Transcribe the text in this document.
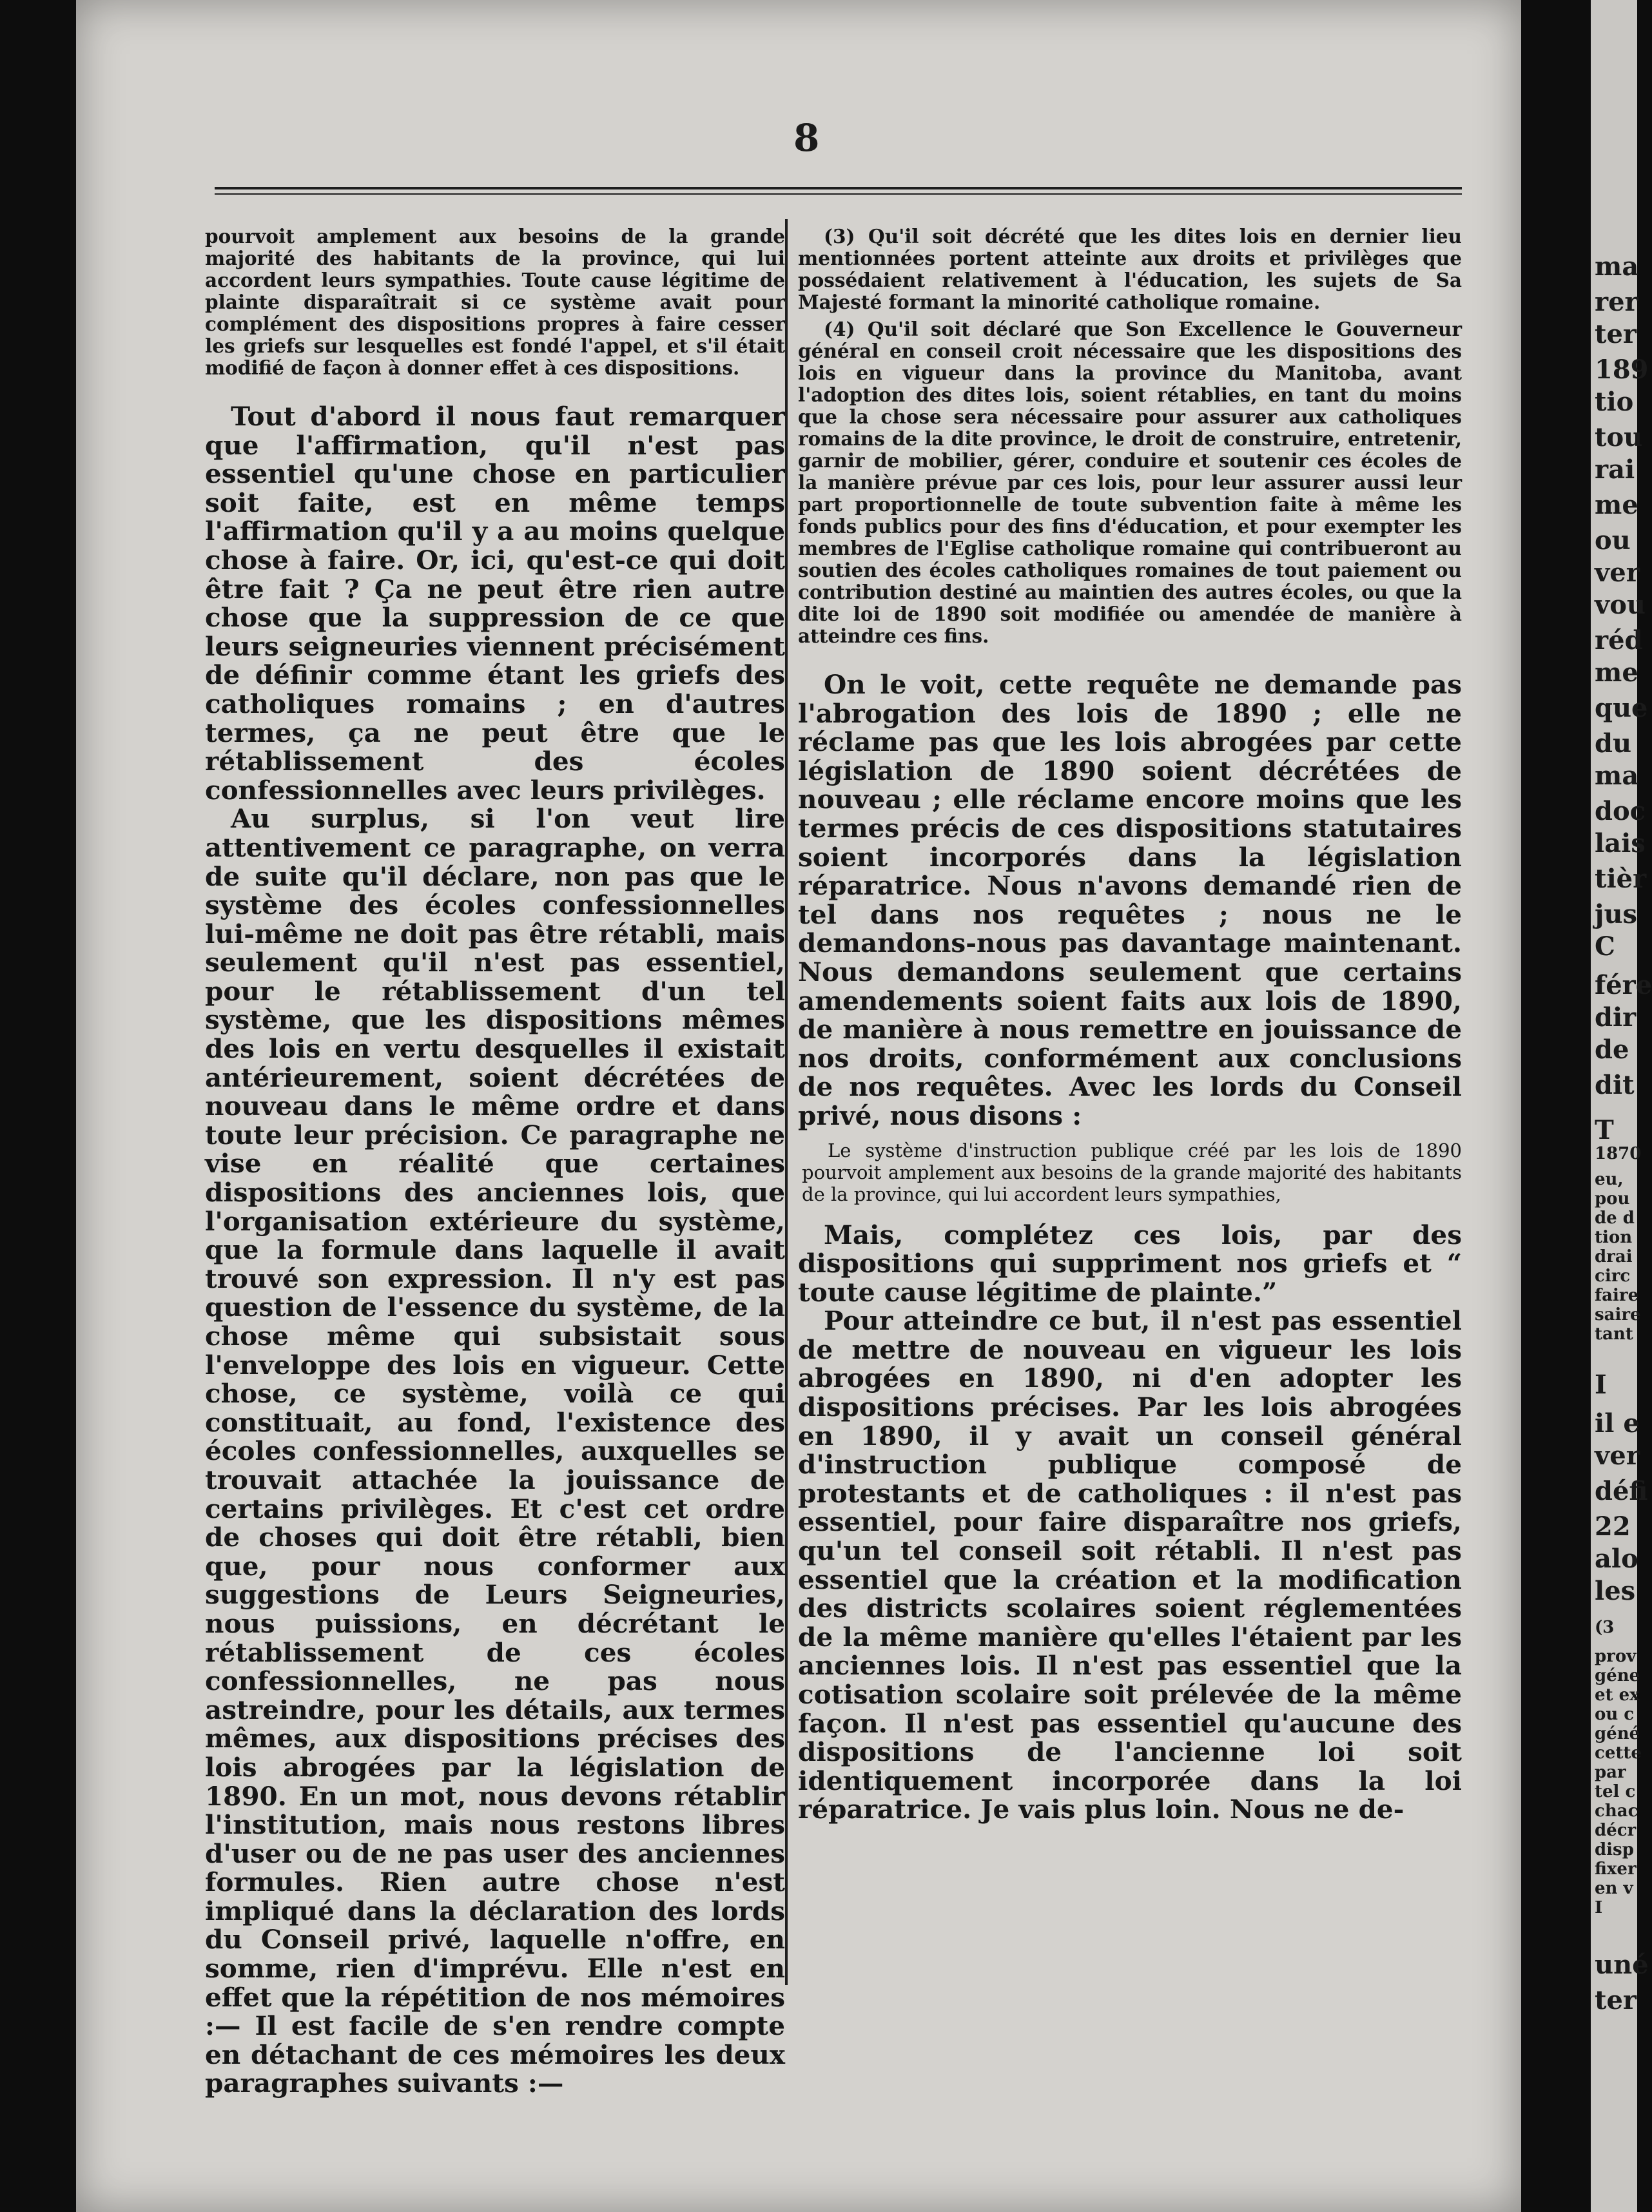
8

pourvoit amplement aux besoins de la grande majorité des habitants de la province, qui lui accordent leurs sympathies. Toute cause légitime de plainte disparaîtrait si ce système avait pour complément des dispositions propres à faire cesser les griefs sur lesquelles est fondé l'appel, et s'il était modifié de façon à donner effet à ces dispositions.

Tout d'abord il nous faut remarquer que l'affirmation, qu'il n'est pas essentiel qu'une chose en particulier soit faite, est en même temps l'affirmation qu'il y a au moins quelque chose à faire. Or, ici, qu'est-ce qui doit être fait ? Ça ne peut être rien autre chose que la suppression de ce que leurs seigneuries viennent précisément de définir comme étant les griefs des catholiques romains ; en d'autres termes, ça ne peut être que le rétablissement des écoles confessionnelles avec leurs privilèges.

Au surplus, si l'on veut lire attentivement ce paragraphe, on verra de suite qu'il déclare, non pas que le système des écoles confessionnelles lui-même ne doit pas être rétabli, mais seulement qu'il n'est pas essentiel, pour le rétablissement d'un tel système, que les dispositions mêmes des lois en vertu desquelles il existait antérieurement, soient décrétées de nouveau dans le même ordre et dans toute leur précision. Ce paragraphe ne vise en réalité que certaines dispositions des anciennes lois, que l'organisation extérieure du système, que la formule dans laquelle il avait trouvé son expression. Il n'y est pas question de l'essence du système, de la chose même qui subsistait sous l'enveloppe des lois en vigueur. Cette chose, ce système, voilà ce qui constituait, au fond, l'existence des écoles confessionnelles, auxquelles se trouvait attachée la jouissance de certains privilèges. Et c'est cet ordre de choses qui doit être rétabli, bien que, pour nous conformer aux suggestions de Leurs Seigneuries, nous puissions, en décrétant le rétablissement de ces écoles confessionnelles, ne pas nous astreindre, pour les détails, aux termes mêmes, aux dispositions précises des lois abrogées par la législation de 1890. En un mot, nous devons rétablir l'institution, mais nous restons libres d'user ou de ne pas user des anciennes formules. Rien autre chose n'est impliqué dans la déclaration des lords du Conseil privé, laquelle n'offre, en somme, rien d'imprévu. Elle n'est en effet que la répétition de nos mémoires :— Il est facile de s'en rendre compte en détachant de ces mémoires les deux paragraphes suivants :—

(3) Qu'il soit décrété que les dites lois en dernier lieu mentionnées portent atteinte aux droits et privilèges que possédaient relativement à l'éducation, les sujets de Sa Majesté formant la minorité catholique romaine.

(4) Qu'il soit déclaré que Son Excellence le Gouverneur général en conseil croit nécessaire que les dispositions des lois en vigueur dans la province du Manitoba, avant l'adoption des dites lois, soient rétablies, en tant du moins que la chose sera nécessaire pour assurer aux catholiques romains de la dite province, le droit de construire, entretenir, garnir de mobilier, gérer, conduire et soutenir ces écoles de la manière prévue par ces lois, pour leur assurer aussi leur part proportionnelle de toute subvention faite à même les fonds publics pour des fins d'éducation, et pour exempter les membres de l'Eglise catholique romaine qui contribueront au soutien des écoles catholiques romaines de tout paiement ou contribution destiné au maintien des autres écoles, ou que la dite loi de 1890 soit modifiée ou amendée de manière à atteindre ces fins.

On le voit, cette requête ne demande pas l'abrogation des lois de 1890 ; elle ne réclame pas que les lois abrogées par cette législation de 1890 soient décrétées de nouveau ; elle réclame encore moins que les termes précis de ces dispositions statutaires soient incorporés dans la législation réparatrice. Nous n'avons demandé rien de tel dans nos requêtes ; nous ne le demandons-nous pas davantage maintenant. Nous demandons seulement que certains amendements soient faits aux lois de 1890, de manière à nous remettre en jouissance de nos droits, conformément aux conclusions de nos requêtes. Avec les lords du Conseil privé, nous disons :

Le système d'instruction publique créé par les lois de 1890 pourvoit amplement aux besoins de la grande majorité des habitants de la province, qui lui accordent leurs sympathies,

Mais, complétez ces lois, par des dispositions qui suppriment nos griefs et “ toute cause légitime de plainte.”

Pour atteindre ce but, il n'est pas essentiel de mettre de nouveau en vigueur les lois abrogées en 1890, ni d'en adopter les dispositions précises. Par les lois abrogées en 1890, il y avait un conseil général d'instruction publique composé de protestants et de catholiques : il n'est pas essentiel, pour faire disparaître nos griefs, qu'un tel conseil soit rétabli. Il n'est pas essentiel que la création et la modification des districts scolaires soient réglementées de la même manière qu'elles l'étaient par les anciennes lois. Il n'est pas essentiel que la cotisation scolaire soit prélevée de la même façon. Il n'est pas essentiel qu'aucune des dispositions de l'ancienne loi soit identiquement incorporée dans la loi réparatrice. Je vais plus loin. Nous ne de-

ma
rer
ter
189
tio
tou
rai
me
ou
ver
vou
réd
me
que
du
ma
doc
lais
tièr
jus
C
fére
dir
de
dit
T
1870
eu,
pou
de d
tion
drai
circ
faire
saire
tant
I
il e
ver
défi
22
alo
les
(3
prov
géne
et ex
ou c
géné
cette
par
tel c
chac
décr
disp
fixer
en v
I
uné
ter
